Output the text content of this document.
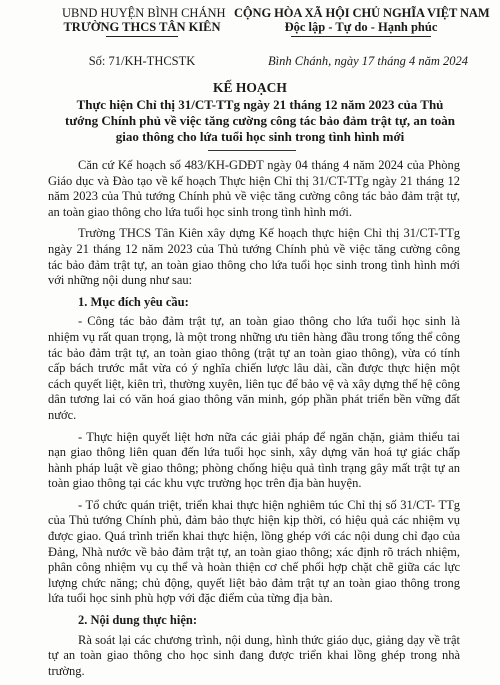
UBND HUYỆN BÌNH CHÁNH
TRƯỜNG THCS TÂN KIÊN
CỘNG HÒA XÃ HỘI CHỦ NGHĨA VIỆT NAM
Độc lập - Tự do - Hạnh phúc
Số: 71/KH-THCSTK	Bình Chánh, ngày 17 tháng 4 năm 2024
KẾ HOẠCH
Thực hiện Chỉ thị 31/CT-TTg ngày 21 tháng 12 năm 2023 của Thủ tướng Chính phủ về việc tăng cường công tác bảo đảm trật tự, an toàn giao thông cho lứa tuổi học sinh trong tình hình mới

Căn cứ Kế hoạch số 483/KH-GDĐT ngày 04 tháng 4 năm 2024 của Phòng Giáo dục và Đào tạo về kế hoạch Thực hiện Chỉ thị 31/CT-TTg ngày 21 tháng 12 năm 2023 của Thủ tướng Chính phủ về việc tăng cường công tác bảo đảm trật tự, an toàn giao thông cho lứa tuổi học sinh trong tình hình mới.

Trường THCS Tân Kiên xây dựng Kế hoạch thực hiện Chỉ thị 31/CT-TTg ngày 21 tháng 12 năm 2023 của Thủ tướng Chính phủ về việc tăng cường công tác bảo đảm trật tự, an toàn giao thông cho lứa tuổi học sinh trong tình hình mới với những nội dung như sau:

1. Mục đích yêu cầu:

- Công tác bảo đảm trật tự, an toàn giao thông cho lứa tuổi học sinh là nhiệm vụ rất quan trọng, là một trong những ưu tiên hàng đầu trong tổng thể công tác bảo đảm trật tự, an toàn giao thông (trật tự an toàn giao thông), vừa có tính cấp bách trước mắt vừa có ý nghĩa chiến lược lâu dài, cần được thực hiện một cách quyết liệt, kiên trì, thường xuyên, liên tục để bảo vệ và xây dựng thế hệ công dân tương lai có văn hoá giao thông văn minh, góp phần phát triển bền vững đất nước.

- Thực hiện quyết liệt hơn nữa các giải pháp để ngăn chặn, giảm thiểu tai nạn giao thông liên quan đến lứa tuổi học sinh, xây dựng văn hoá tự giác chấp hành pháp luật về giao thông; phòng chống hiệu quả tình trạng gây mất trật tự an toàn giao thông tại các khu vực trường học trên địa bàn huyện.

- Tổ chức quán triệt, triển khai thực hiện nghiêm túc Chỉ thị số 31/CT- TTg của Thủ tướng Chính phủ, đảm bảo thực hiện kịp thời, có hiệu quả các nhiệm vụ được giao. Quá trình triển khai thực hiện, lồng ghép với các nội dung chỉ đạo của Đảng, Nhà nước về bảo đảm trật tự, an toàn giao thông; xác định rõ trách nhiệm, phân công nhiệm vụ cụ thể và hoàn thiện cơ chế phối hợp chặt chẽ giữa các lực lượng chức năng; chủ động, quyết liệt bảo đảm trật tự an toàn giao thông trong lứa tuổi học sinh phù hợp với đặc điểm của từng địa bàn.

2. Nội dung thực hiện:

Rà soát lại các chương trình, nội dung, hình thức giáo dục, giảng dạy về trật tự an toàn giao thông cho học sinh đang được triển khai lồng ghép trong nhà trường.
